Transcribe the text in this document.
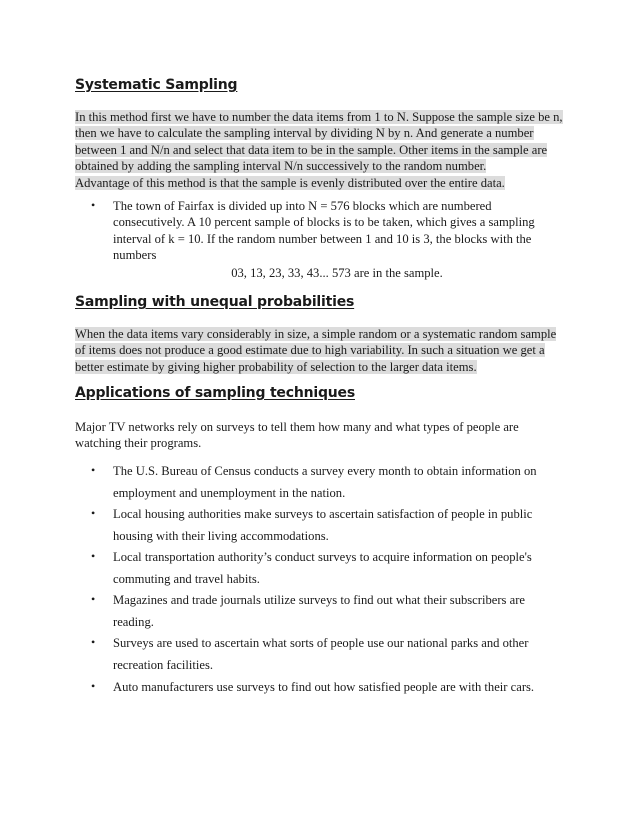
Systematic Sampling
In this method first we have to number the data items from 1 to N. Suppose the sample size be n,
then we have to calculate the sampling interval by dividing N by n. And generate a number
between 1 and N/n and select that data item to be in the sample. Other items in the sample are
obtained by adding the sampling interval N/n successively to the random number.
Advantage of this method is that the sample is evenly distributed over the entire data.
• The town of Fairfax is divided up into N = 576 blocks which are numbered
consecutively. A 10 percent sample of blocks is to be taken, which gives a sampling
interval of k = 10. If the random number between 1 and 10 is 3, the blocks with the
numbers

03, 13, 23, 33, 43... 573 are in the sample.

Sampling with unequal probabilities
When the data items vary considerably in size, a simple random or a systematic random sample
of items does not produce a good estimate due to high variability. In such a situation we get a
better estimate by giving higher probability of selection to the larger data items.
Applications of sampling techniques
Major TV networks rely on surveys to tell them how many and what types of people are
watching their programs.
• The U.S. Bureau of Census conducts a survey every month to obtain information on
employment and unemployment in the nation.
• Local housing authorities make surveys to ascertain satisfaction of people in public
housing with their living accommodations.
• Local transportation authority’s conduct surveys to acquire information on people's
commuting and travel habits.
• Magazines and trade journals utilize surveys to find out what their subscribers are
reading.
• Surveys are used to ascertain what sorts of people use our national parks and other
recreation facilities.
• Auto manufacturers use surveys to find out how satisfied people are with their cars.
